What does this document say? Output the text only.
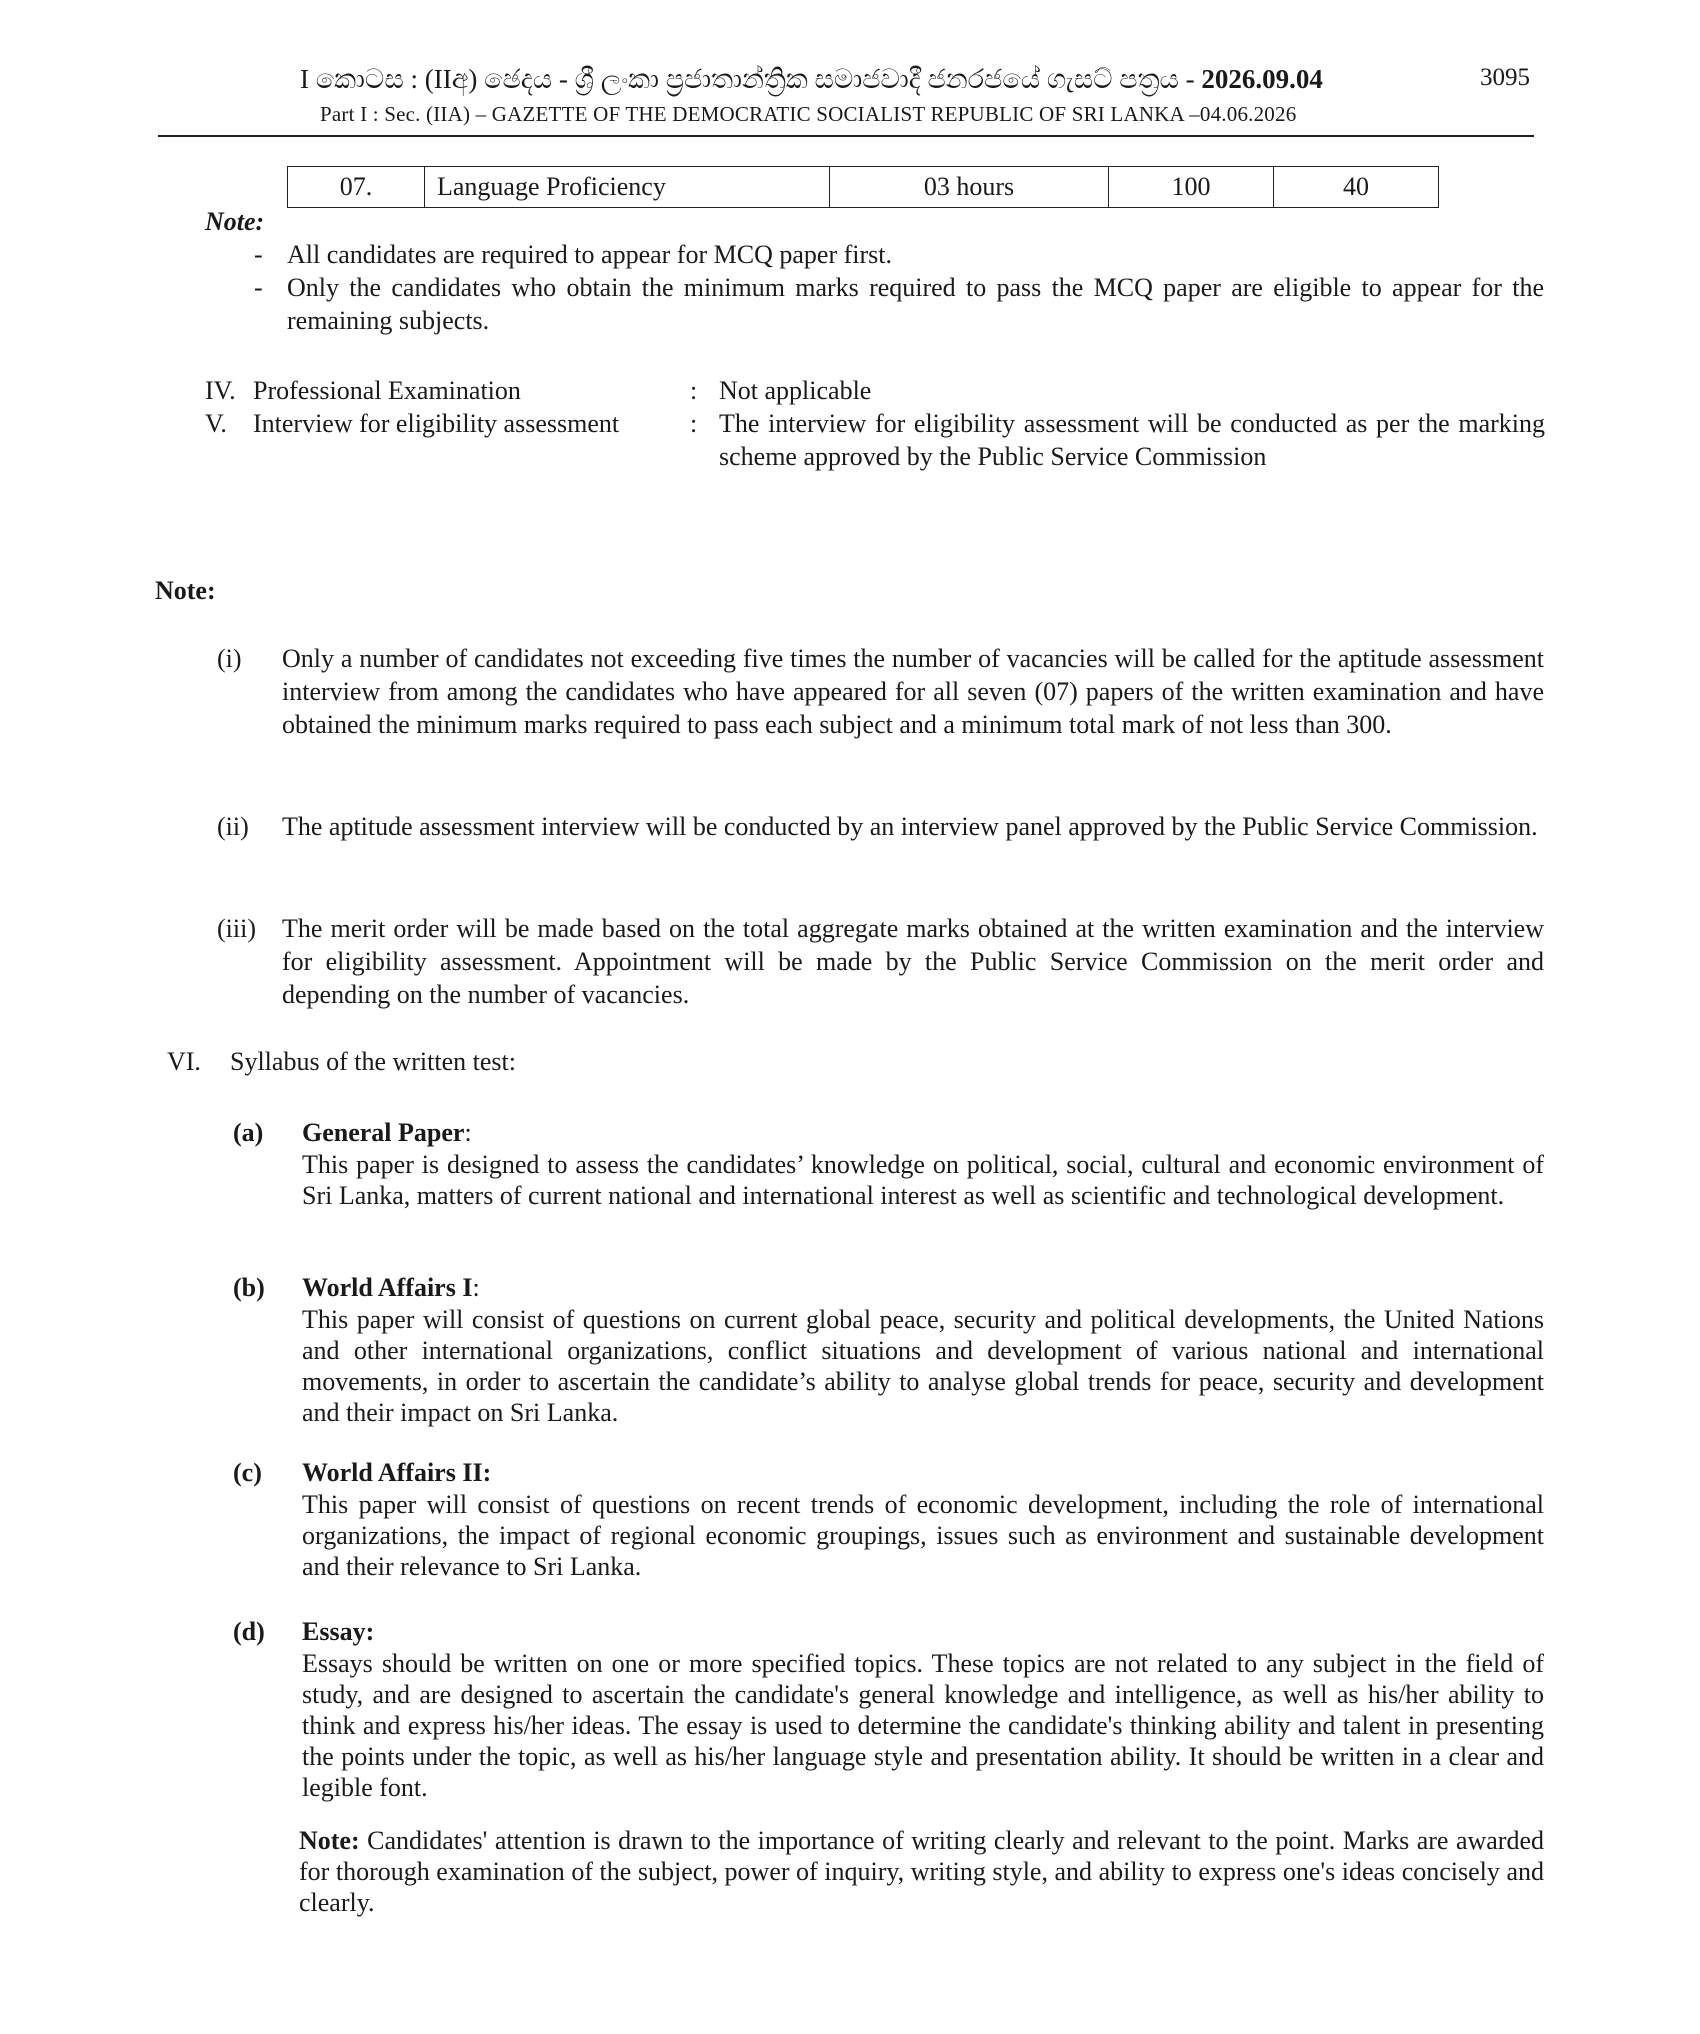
I කොටස : (IIඅ) ඡෙදය - ශ්‍රී ලංකා ප්‍රජාතාන්ත්‍රික සමාජවාදී ජනරජයේ ගැසට් පත්‍රය - 2026.09.04	3095
Part I : Sec. (IIA) – GAZETTE OF THE DEMOCRATIC SOCIALIST REPUBLIC OF SRI LANKA –04.06.2026
07.	Language Proficiency	03 hours	100	40
Note:
- All candidates are required to appear for MCQ paper first.
- Only the candidates who obtain the minimum marks required to pass the MCQ paper are eligible to appear for the remaining subjects.
IV. Professional Examination	: Not applicable
V. Interview for eligibility assessment	: The interview for eligibility assessment will be conducted as per the marking scheme approved by the Public Service Commission
Note:
(i) Only a number of candidates not exceeding five times the number of vacancies will be called for the aptitude assessment interview from among the candidates who have appeared for all seven (07) papers of the written examination and have obtained the minimum marks required to pass each subject and a minimum total mark of not less than 300.
(ii) The aptitude assessment interview will be conducted by an interview panel approved by the Public Service Commission.
(iii) The merit order will be made based on the total aggregate marks obtained at the written examination and the interview for eligibility assessment. Appointment will be made by the Public Service Commission on the merit order and depending on the number of vacancies.
VI. Syllabus of the written test:
(a) General Paper:
This paper is designed to assess the candidates’ knowledge on political, social, cultural and economic environment of Sri Lanka, matters of current national and international interest as well as scientific and technological development.
(b) World Affairs I:
This paper will consist of questions on current global peace, security and political developments, the United Nations and other international organizations, conflict situations and development of various national and international movements, in order to ascertain the candidate’s ability to analyse global trends for peace, security and development and their impact on Sri Lanka.
(c) World Affairs II:
This paper will consist of questions on recent trends of economic development, including the role of international organizations, the impact of regional economic groupings, issues such as environment and sustainable development and their relevance to Sri Lanka.
(d) Essay:
Essays should be written on one or more specified topics. These topics are not related to any subject in the field of study, and are designed to ascertain the candidate's general knowledge and intelligence, as well as his/her ability to think and express his/her ideas. The essay is used to determine the candidate's thinking ability and talent in presenting the points under the topic, as well as his/her language style and presentation ability. It should be written in a clear and legible font.
Note: Candidates' attention is drawn to the importance of writing clearly and relevant to the point. Marks are awarded for thorough examination of the subject, power of inquiry, writing style, and ability to express one's ideas concisely and clearly.
